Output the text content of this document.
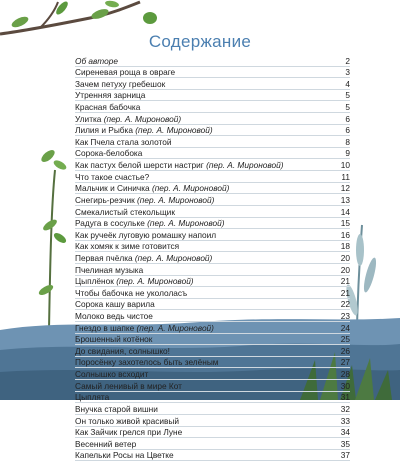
Содержание
Об авторе	2
Сиреневая роща в овраге	3
Зачем петуху гребешок	4
Утренняя зарница	5
Красная бабочка	5
Улитка (пер. А. Мироновой)	6
Лилия и Рыбка (пер. А. Мироновой)	6
Как Пчела стала золотой	8
Сорока-белобока	9
Как пастух белой шерсти настриг (пер. А. Мироновой)	10
Что такое счастье?	11
Мальчик и Синичка (пер. А. Мироновой)	12
Снегирь-резчик (пер. А. Мироновой)	13
Смекалистый стекольщик	14
Радуга в сосульке (пер. А. Мироновой)	15
Как ручеёк луговую ромашку напоил	16
Как хомяк к зиме готовится	18
Первая пчёлка (пер. А. Мироновой)	20
Пчелиная музыка	20
Цыплёнок (пер. А. Мироновой)	21
Чтобы бабочка не укололасъ	21
Сорока кашу варила	22
Молоко ведь чистое	23
Гнездо в шапке (пер. А. Мироновой)	24
Брошенный котёнок	25
До свидания, солнышко!	26
Поросёнку захотелось быть зелёным	27
Солнышко всходит	28
Самый ленивый в мире Кот	30
Цыплята	31
Внучка старой вишни	32
Он только живой красивый	33
Как Зайчик грелся при Луне	34
Весенний ветер	35
Капельки Росы на Цветке	37
